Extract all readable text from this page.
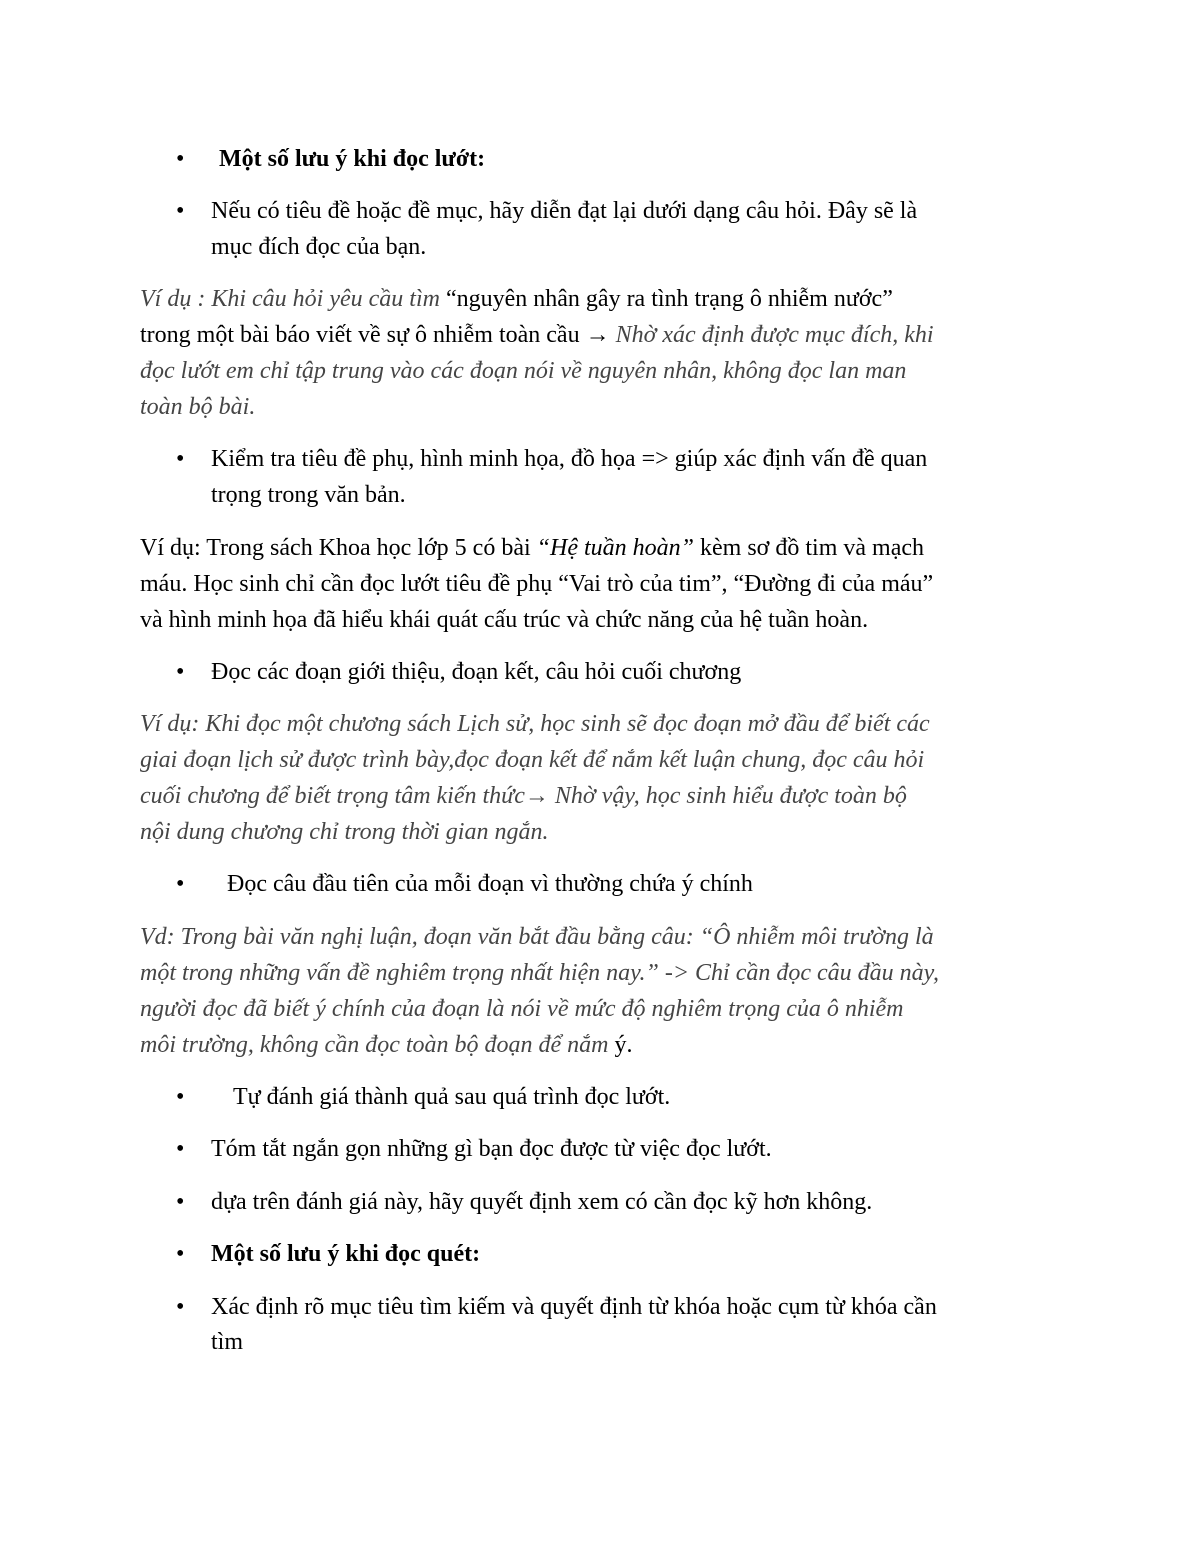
• Một số lưu ý khi đọc lướt:
• Nếu có tiêu đề hoặc đề mục, hãy diễn đạt lại dưới dạng câu hỏi. Đây sẽ là
mục đích đọc của bạn.
Ví dụ : Khi câu hỏi yêu cầu tìm “nguyên nhân gây ra tình trạng ô nhiễm nước”
trong một bài báo viết về sự ô nhiễm toàn cầu → Nhờ xác định được mục đích, khi
đọc lướt em chỉ tập trung vào các đoạn nói về nguyên nhân, không đọc lan man
toàn bộ bài.
• Kiểm tra tiêu đề phụ, hình minh họa, đồ họa => giúp xác định vấn đề quan
trọng trong văn bản.
Ví dụ: Trong sách Khoa học lớp 5 có bài “Hệ tuần hoàn” kèm sơ đồ tim và mạch
máu. Học sinh chỉ cần đọc lướt tiêu đề phụ “Vai trò của tim”, “Đường đi của máu”
và hình minh họa đã hiểu khái quát cấu trúc và chức năng của hệ tuần hoàn.
• Đọc các đoạn giới thiệu, đoạn kết, câu hỏi cuối chương
Ví dụ: Khi đọc một chương sách Lịch sử, học sinh sẽ đọc đoạn mở đầu để biết các
giai đoạn lịch sử được trình bày,đọc đoạn kết để nắm kết luận chung, đọc câu hỏi
cuối chương để biết trọng tâm kiến thức→ Nhờ vậy, học sinh hiểu được toàn bộ
nội dung chương chỉ trong thời gian ngắn.
• Đọc câu đầu tiên của mỗi đoạn vì thường chứa ý chính
Vd: Trong bài văn nghị luận, đoạn văn bắt đầu bằng câu: “Ô nhiễm môi trường là
một trong những vấn đề nghiêm trọng nhất hiện nay.” -> Chỉ cần đọc câu đầu này,
người đọc đã biết ý chính của đoạn là nói về mức độ nghiêm trọng của ô nhiễm
môi trường, không cần đọc toàn bộ đoạn để nắm ý.
• Tự đánh giá thành quả sau quá trình đọc lướt.
• Tóm tắt ngắn gọn những gì bạn đọc được từ việc đọc lướt.
• dựa trên đánh giá này, hãy quyết định xem có cần đọc kỹ hơn không.
• Một số lưu ý khi đọc quét:
• Xác định rõ mục tiêu tìm kiếm và quyết định từ khóa hoặc cụm từ khóa cần
tìm
